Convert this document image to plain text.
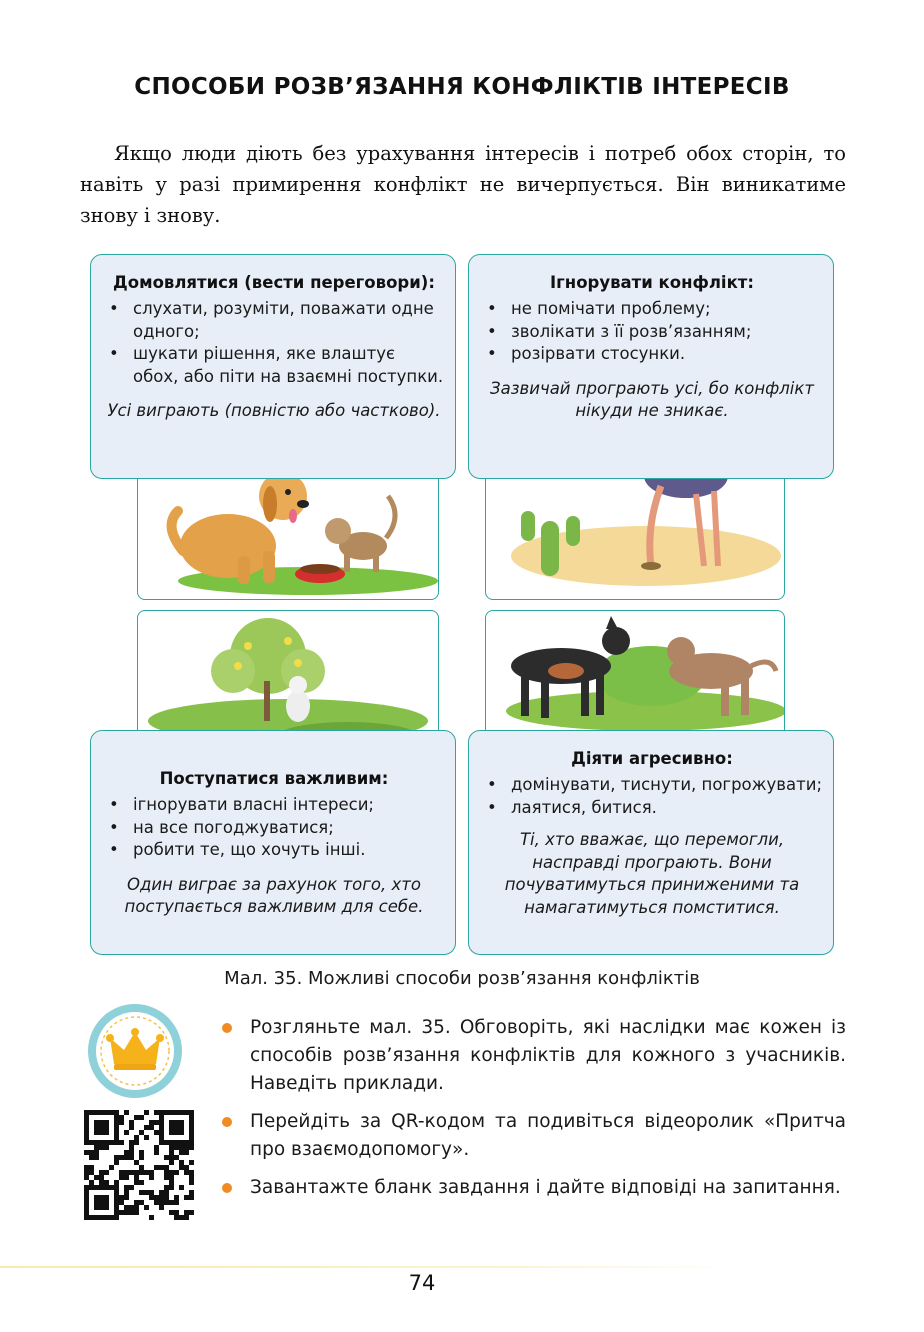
СПОСОБИ РОЗВ’ЯЗАННЯ КОНФЛІКТІВ ІНТЕРЕСІВ

Якщо люди діють без урахування інтересів і потреб обох сторін, то навіть у разі примирення конфлікт не вичерпується. Він виникатиме знову і знову.

Домовлятися (вести переговори):
• слухати, розуміти, поважати одне одного;
• шукати рішення, яке влаштує обох, або піти на взаємні поступки.

Усі виграють (повністю або частково).

Ігнорувати конфлікт:
• не помічати проблему;
• зволікати з її розв’язанням;
• розірвати стосунки.

Зазвичай програють усі, бо конфлікт нікуди не зникає.

Поступатися важливим:
• ігнорувати власні інтереси;
• на все погоджуватися;
• робити те, що хочуть інші.

Один виграє за рахунок того, хто поступається важливим для себе.

Діяти агресивно:
• домінувати, тиснути, погрожувати;
• лаятися, битися.

Ті, хто вважає, що перемогли, насправді програють. Вони почуватимуться приниженими та намагатимуться помститися.

Мал. 35. Можливі способи розв’язання конфліктів

Розгляньте мал. 35. Обговоріть, які наслідки має кожен із способів розв’язання конфліктів для кожного з учасників. Наведіть приклади.
Перейдіть за QR-кодом та подивіться відеоролик «Притча про взаємодопомогу».
Завантажте бланк завдання і дайте відповіді на запитання.
74
